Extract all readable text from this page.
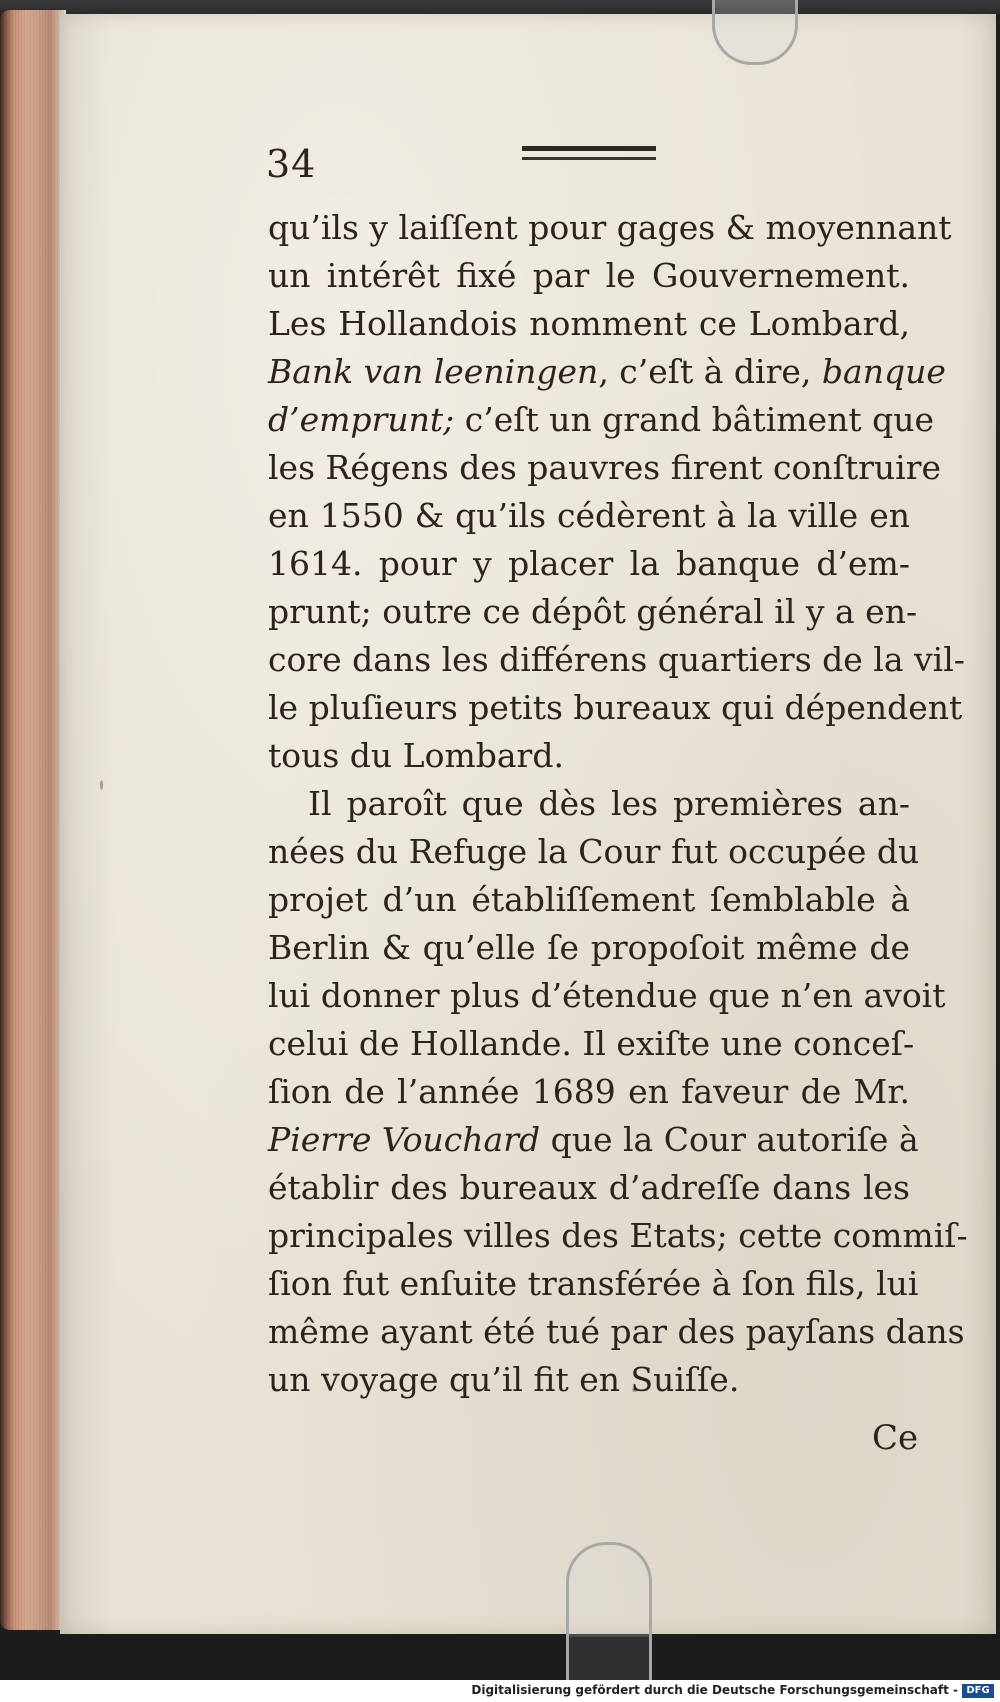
34
qu’ils y laiſſent pour gages & moyennant
un intérêt fixé par le Gouvernement.
Les Hollandois nomment ce Lombard,
Bank van leeningen, c’eſt à dire, banque
d’emprunt; c’eſt un grand bâtiment que
les Régens des pauvres firent conſtruire
en 1550 & qu’ils cédèrent à la ville en
1614. pour y placer la banque d’em-
prunt; outre ce dépôt général il y a en-
core dans les différens quartiers de la vil-
le pluſieurs petits bureaux qui dépendent
tous du Lombard.
Il paroît que dès les premières an-
nées du Refuge la Cour fut occupée du
projet d’un établiſſement ſemblable à
Berlin & qu’elle ſe propoſoit même de
lui donner plus d’étendue que n’en avoit
celui de Hollande. Il exiſte une conceſ-
ſion de l’année 1689 en faveur de Mr.
Pierre Vouchard que la Cour autoriſe à
établir des bureaux d’adreſſe dans les
principales villes des Etats; cette commiſ-
ſion fut enſuite transférée à ſon fils, lui
même ayant été tué par des payſans dans
un voyage qu’il fit en Suiſſe.
Ce
Digitalisierung gefördert durch die Deutsche Forschungsgemeinschaft - DFG
